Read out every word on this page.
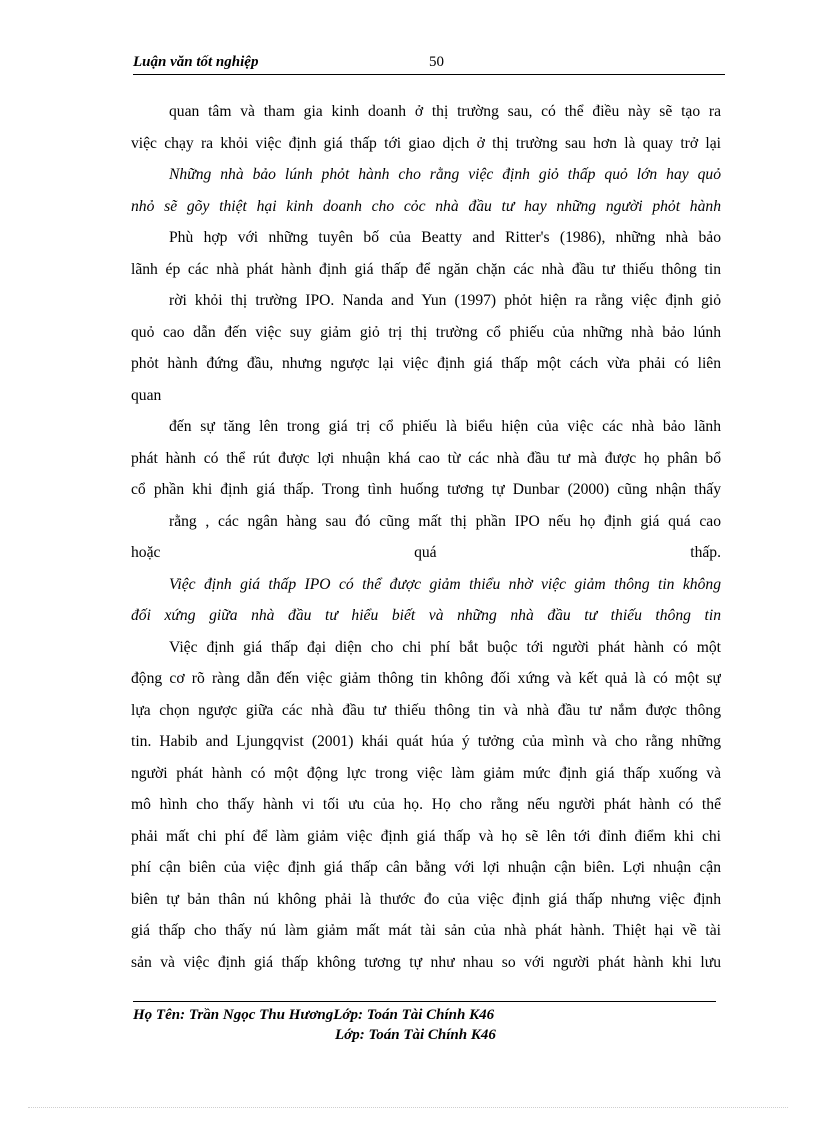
Luận văn tốt nghiệp	50
quan tâm và tham gia kinh doanh ở thị trường sau, có thể điều này sẽ tạo ra
việc chạy ra khỏi việc định giá thấp tới giao dịch ở thị trường sau hơn là quay trở lại
Những nhà bảo lúnh phỏt hành cho rằng việc định giỏ thấp quỏ lớn hay quỏ
nhỏ sẽ gõy thiệt hại kinh doanh cho cỏc nhà đầu tư hay những người phỏt hành
Phù hợp với những tuyên bố của Beatty and Ritter's (1986), những nhà bảo
lãnh ép các nhà phát hành định giá thấp để ngăn chặn các nhà đầu tư thiếu thông tin
rời khỏi thị trường IPO. Nanda and Yun (1997) phỏt hiện ra rằng việc định giỏ
quỏ cao dẫn đến việc suy giảm giỏ trị thị trường cổ phiếu của những nhà bảo lúnh
phỏt hành đứng đầu, nhưng ngược lại việc định giá thấp một cách vừa phải có liên
quan
đến sự tăng lên trong giá trị cổ phiếu là biểu hiện của việc các nhà bảo lãnh
phát hành có thể rút được lợi nhuận khá cao từ các nhà đầu tư mà được họ phân bổ
cổ phần khi định giá thấp. Trong tình huống tương tự Dunbar (2000) cũng nhận thấy
rằng , các ngân hàng sau đó cũng mất thị phần IPO nếu họ định giá quá cao
hoặc quá thấp.
Việc định giá thấp IPO có thể được giảm thiểu nhờ việc giảm thông tin không
đối xứng giữa nhà đầu tư hiểu biết và những nhà đầu tư thiếu thông tin
Việc định giá thấp đại diện cho chi phí bắt buộc tới người phát hành có một
động cơ rõ ràng dẫn đến việc giảm thông tin không đối xứng và kết quả là có một sự
lựa chọn ngược giữa các nhà đầu tư thiếu thông tin và nhà đầu tư nắm được thông
tin. Habib and Ljungqvist (2001) khái quát húa ý tưởng của mình và cho rằng những
người phát hành có một động lực trong việc làm giảm mức định giá thấp xuống và
mô hình cho thấy hành vi tối ưu của họ. Họ cho rằng nếu người phát hành có thể
phải mất chi phí để làm giảm việc định giá thấp và họ sẽ lên tới đỉnh điểm khi chi
phí cận biên của việc định giá thấp cân bằng với lợi nhuận cận biên. Lợi nhuận cận
biên tự bản thân nú không phải là thước đo của việc định giá thấp nhưng việc định
giá thấp cho thấy nú làm giảm mất mát tài sản của nhà phát hành. Thiệt hại về tài
sản và việc định giá thấp không tương tự như nhau so với người phát hành khi lưu
Họ Tên: Trần Ngọc Thu HươngLớp: Toán Tài Chính K46
Lớp: Toán Tài Chính K46
